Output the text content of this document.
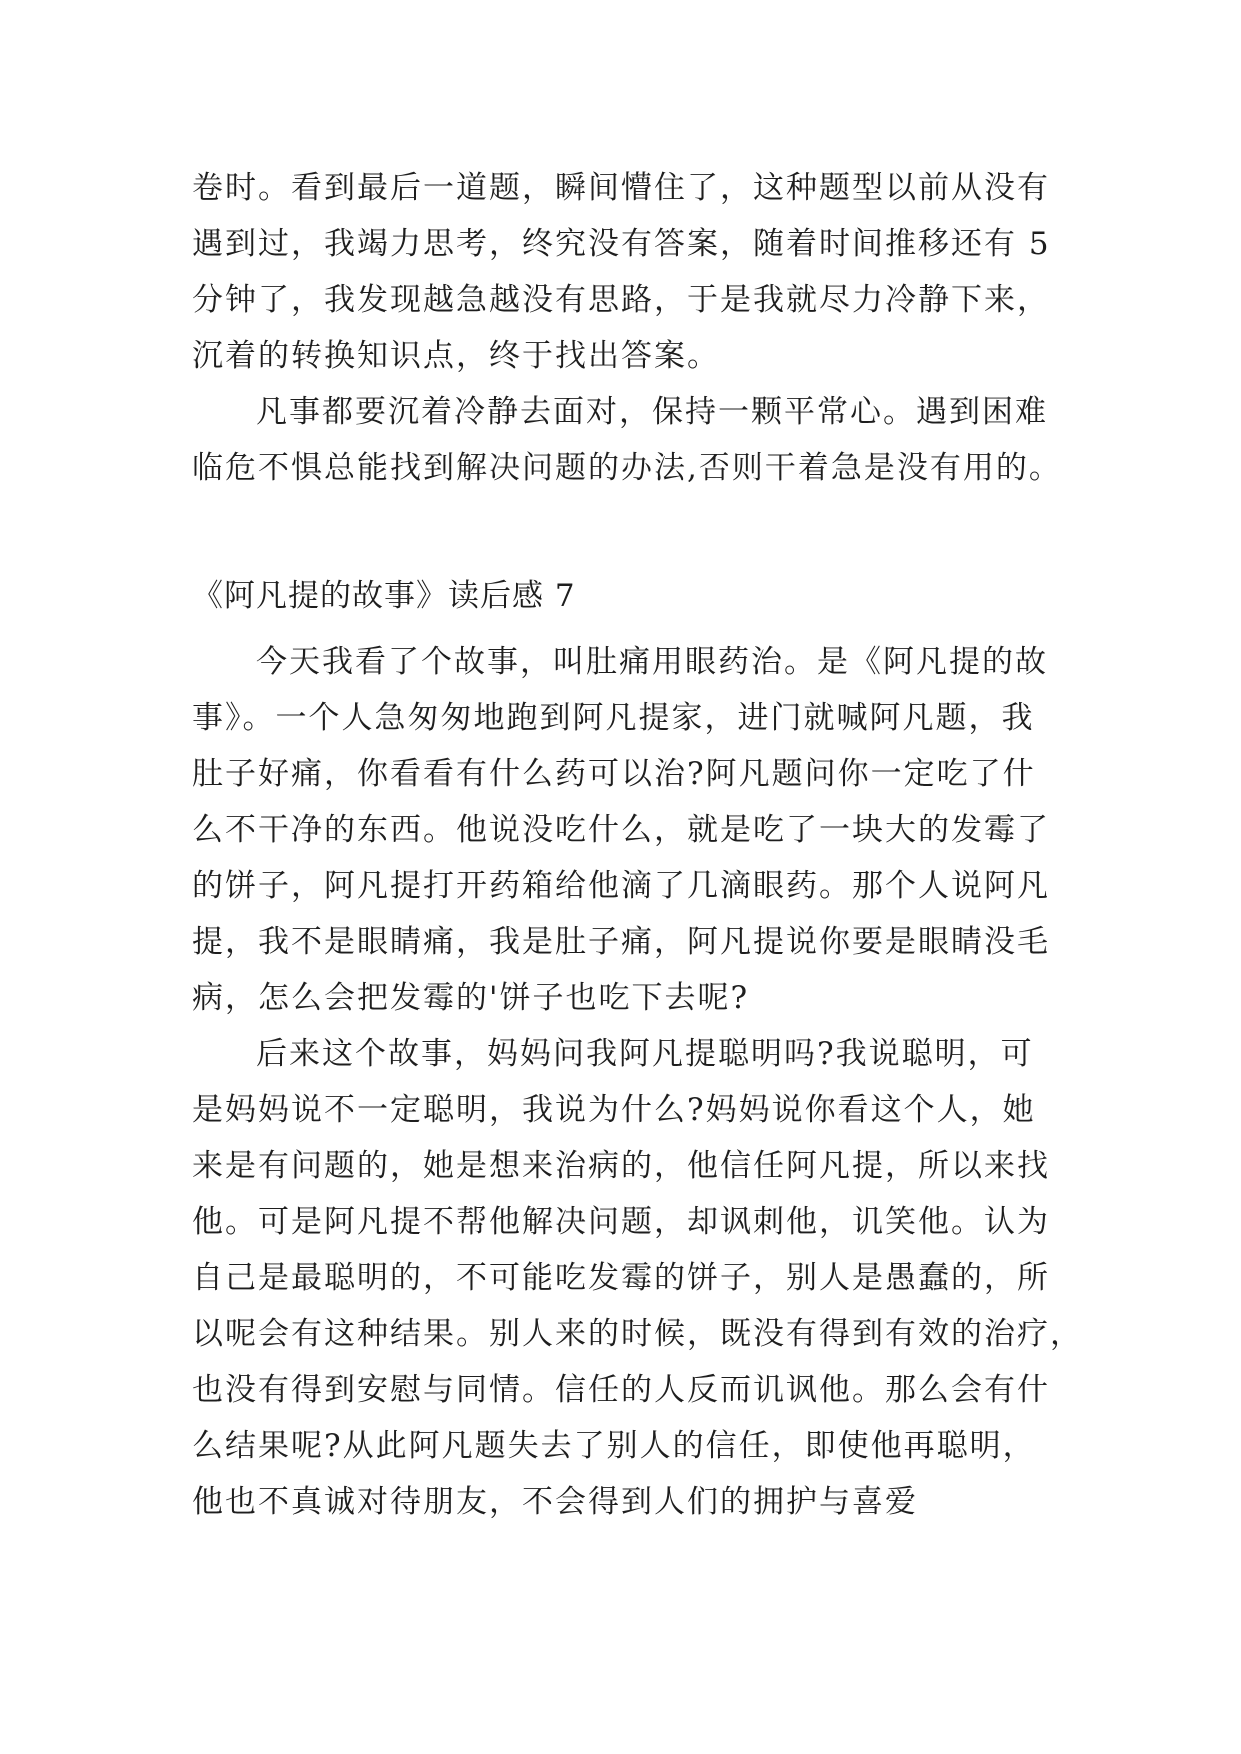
卷时。看到最后一道题，瞬间懵住了，这种题型以前从没有
遇到过，我竭力思考，终究没有答案，随着时间推移还有 5
分钟了，我发现越急越没有思路，于是我就尽力冷静下来，
沉着的转换知识点，终于找出答案。
凡事都要沉着冷静去面对，保持一颗平常心。遇到困难
临危不惧总能找到解决问题的办法,否则干着急是没有用的。
《阿凡提的故事》读后感 7
今天我看了个故事，叫肚痛用眼药治。是《阿凡提的故
事》。一个人急匆匆地跑到阿凡提家，进门就喊阿凡题，我
肚子好痛，你看看有什么药可以治?阿凡题问你一定吃了什
么不干净的东西。他说没吃什么，就是吃了一块大的发霉了
的饼子，阿凡提打开药箱给他滴了几滴眼药。那个人说阿凡
提，我不是眼睛痛，我是肚子痛，阿凡提说你要是眼睛没毛
病，怎么会把发霉的'饼子也吃下去呢?
后来这个故事，妈妈问我阿凡提聪明吗?我说聪明，可
是妈妈说不一定聪明，我说为什么?妈妈说你看这个人，她
来是有问题的，她是想来治病的，他信任阿凡提，所以来找
他。可是阿凡提不帮他解决问题，却讽刺他，讥笑他。认为
自己是最聪明的，不可能吃发霉的饼子，别人是愚蠢的，所
以呢会有这种结果。别人来的时候，既没有得到有效的治疗，
也没有得到安慰与同情。信任的人反而讥讽他。那么会有什
么结果呢?从此阿凡题失去了别人的信任，即使他再聪明，
他也不真诚对待朋友，不会得到人们的拥护与喜爱
